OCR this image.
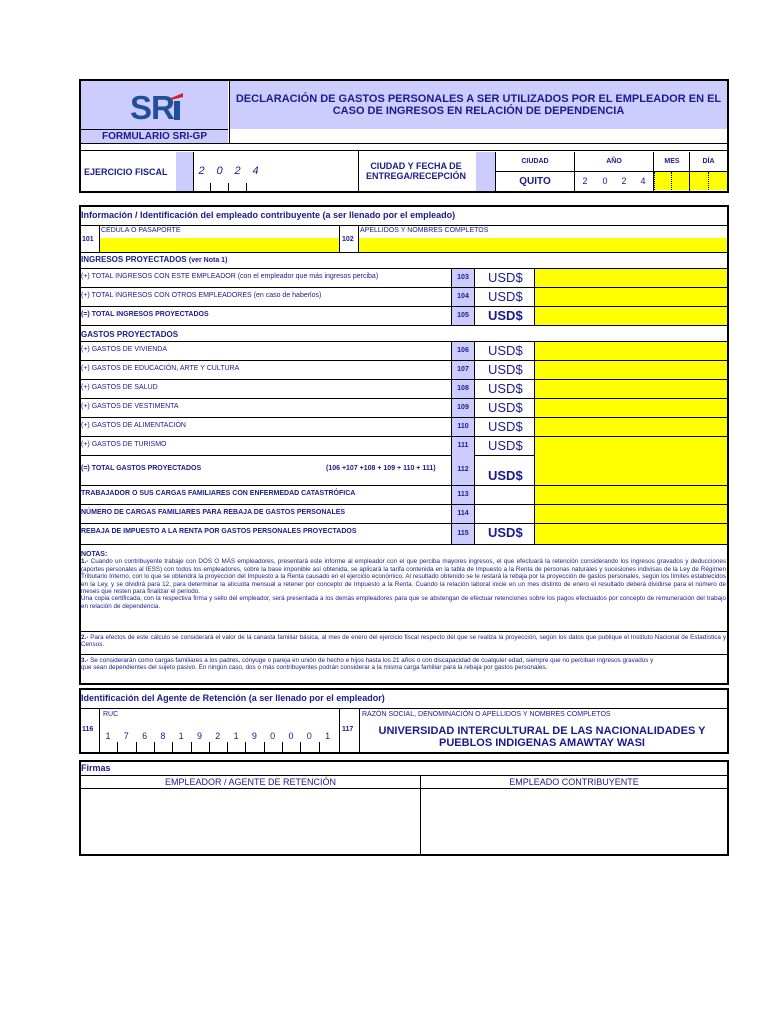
SR
FORMULARIO SRI-GP
DECLARACIÓN DE GASTOS PERSONALES A SER UTILIZADOS POR EL EMPLEADOR EN EL CASO DE INGRESOS EN RELACIÓN DE DEPENDENCIA
EJERCICIO FISCAL	2	0	2	4	CIUDAD Y FECHA DE ENTREGA/RECEPCIÓN
CIUDAD	AÑO	MES	DÍA
QUITO	2	0	2	4
Información / Identificación del empleado contribuyente (a ser llenado por el empleado)
CÉDULA O PASAPORTE	APELLIDOS Y NOMBRES COMPLETOS
101	102
INGRESOS PROYECTADOS (ver Nota 1)
(+) TOTAL INGRESOS CON ESTE EMPLEADOR (con el empleador que más ingresos perciba)	103	USD$
(+) TOTAL INGRESOS CON OTROS EMPLEADORES (en caso de haberlos)	104	USD$
(=) TOTAL INGRESOS PROYECTADOS	105	USD$
GASTOS PROYECTADOS
(+) GASTOS DE VIVIENDA	106	USD$
(+) GASTOS DE EDUCACIÓN, ARTE Y CULTURA	107	USD$
(+) GASTOS DE SALUD	108	USD$
(+) GASTOS DE VESTIMENTA	109	USD$
(+) GASTOS DE ALIMENTACIÓN	110	USD$
(+) GASTOS DE TURISMO	111	USD$
(=) TOTAL GASTOS PROYECTADOS	(106 +107 +108 + 109 + 110 + 111)	112	USD$
TRABAJADOR O SUS CARGAS FAMILIARES CON ENFERMEDAD CATASTRÓFICA	113
NÚMERO DE CARGAS FAMILIARES PARA REBAJA DE GASTOS PERSONALES	114
REBAJA DE IMPUESTO A LA RENTA POR GASTOS PERSONALES PROYECTADOS	115	USD$

NOTAS:

1.- Cuando un contribuyente trabaje con DOS O MÁS empleadores, presentará este informe al empleador con el que perciba mayores ingresos, el que efectuará la retención considerando los ingresos gravados y deducciones (aportes personales al IESS) con todos los empleadores, sobre la base imponible así obtenida, se aplicará la tarifa contenida en la tabla de Impuesto a la Renta de personas naturales y sucesiones indivisas de la Ley de Régimen Tributario Interno, con lo que se obtendrá la proyección del Impuesto a la Renta causado en el ejercicio económico. Al resultado obtenido se le restará la rebaja por la proyección de gastos personales, según los límites establecidos en la Ley, y se dividirá para 12, para determinar la alícuota mensual a retener por concepto de Impuesto a la Renta. Cuando la relación laboral inicie en un mes distinto de enero el resultado deberá dividirse para el número de meses que resten para finalizar el periodo.

Una copia certificada, con la respectiva firma y sello del empleador, será presentada a los demás empleadores para que se abstengan de efectuar retenciones sobre los pagos efectuados por concepto de remuneración del trabajo en relación de dependencia.

2.- Para efectos de este cálculo se considerará el valor de la canasta familiar básica, al mes de enero del ejercicio fiscal respecto del que se realiza la proyección, según los datos que publique el Instituto Nacional de Estadística y Censos.

3.- Se considerarán como cargas familiares a los padres, cónyuge o pareja en unión de hecho e hijos hasta los 21 años o con discapacidad de cualquier edad, siempre que no perciban ingresos gravados y

que sean dependientes del sujeto pasivo. En ningún caso, dos o más contribuyentes podrán considerar a la misma carga familiar para la rebaja por gastos personales.

Identificación del Agente de Retención (a ser llenado por el empleador)
116
RUC
1	7	6	8	1	9	2	1	9	0	0	0	1
117
RAZÓN SOCIAL, DENOMINACIÓN O APELLIDOS Y NOMBRES COMPLETOS
UNIVERSIDAD INTERCULTURAL DE LAS NACIONALIDADES Y PUEBLOS INDIGENAS AMAWTAY WASI
Firmas
EMPLEADOR / AGENTE DE RETENCIÓN	EMPLEADO CONTRIBUYENTE
